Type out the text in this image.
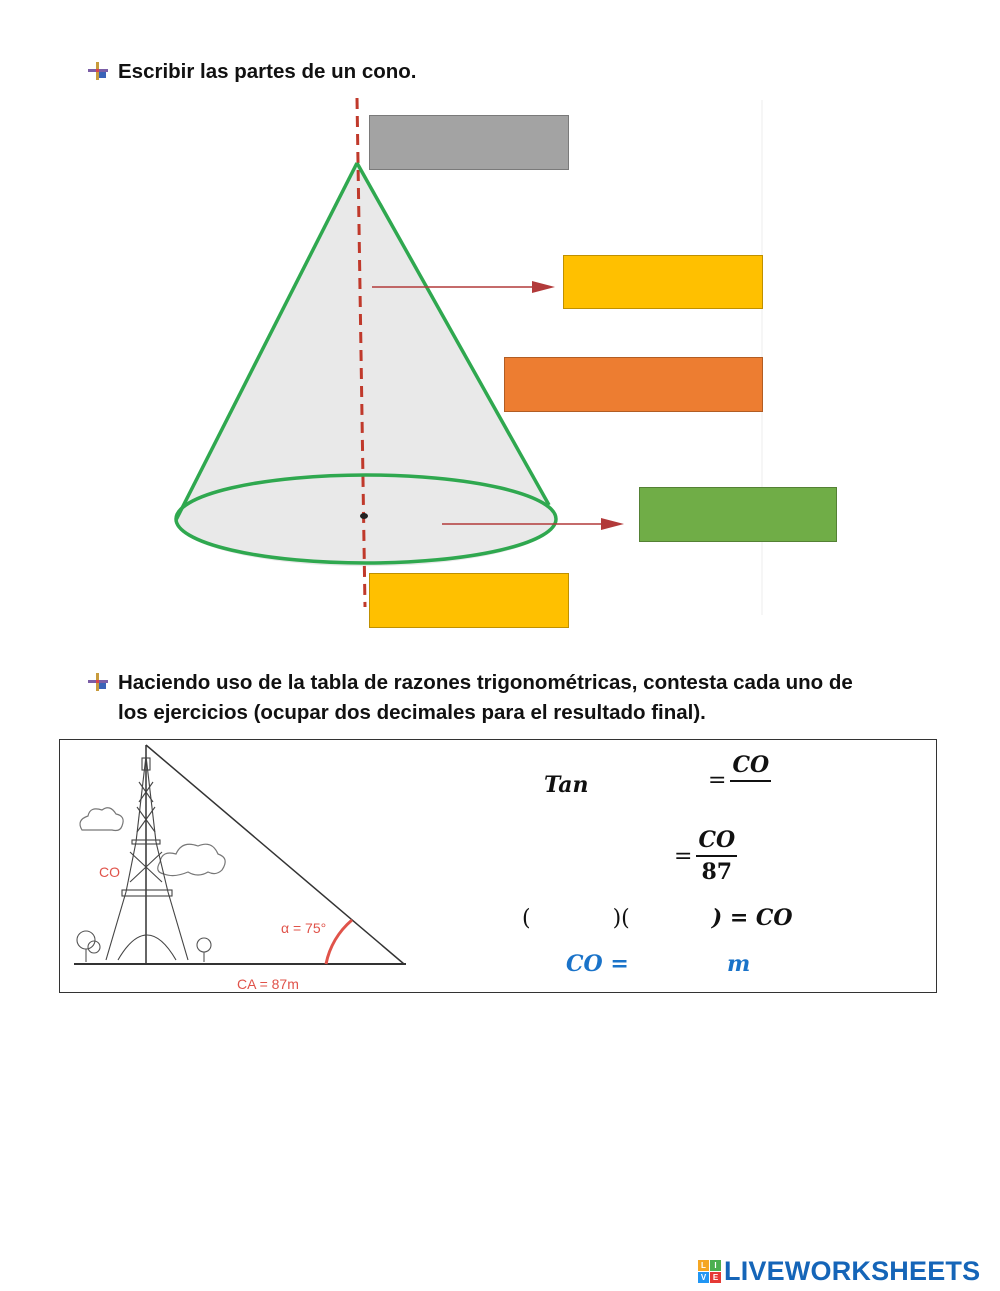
Escribir las partes de un cono.
Haciendo uso de la tabla de razones trigonométricas, contesta cada uno de
los ejercicios (ocupar dos decimales para el resultado final).
CO
α = 75°
CA = 87m
Tan	=
CO
= $\frac{CO}{87}$
(	)(	) = CO
CO =	m
L	I
V E LIVEWORKSHEETS
